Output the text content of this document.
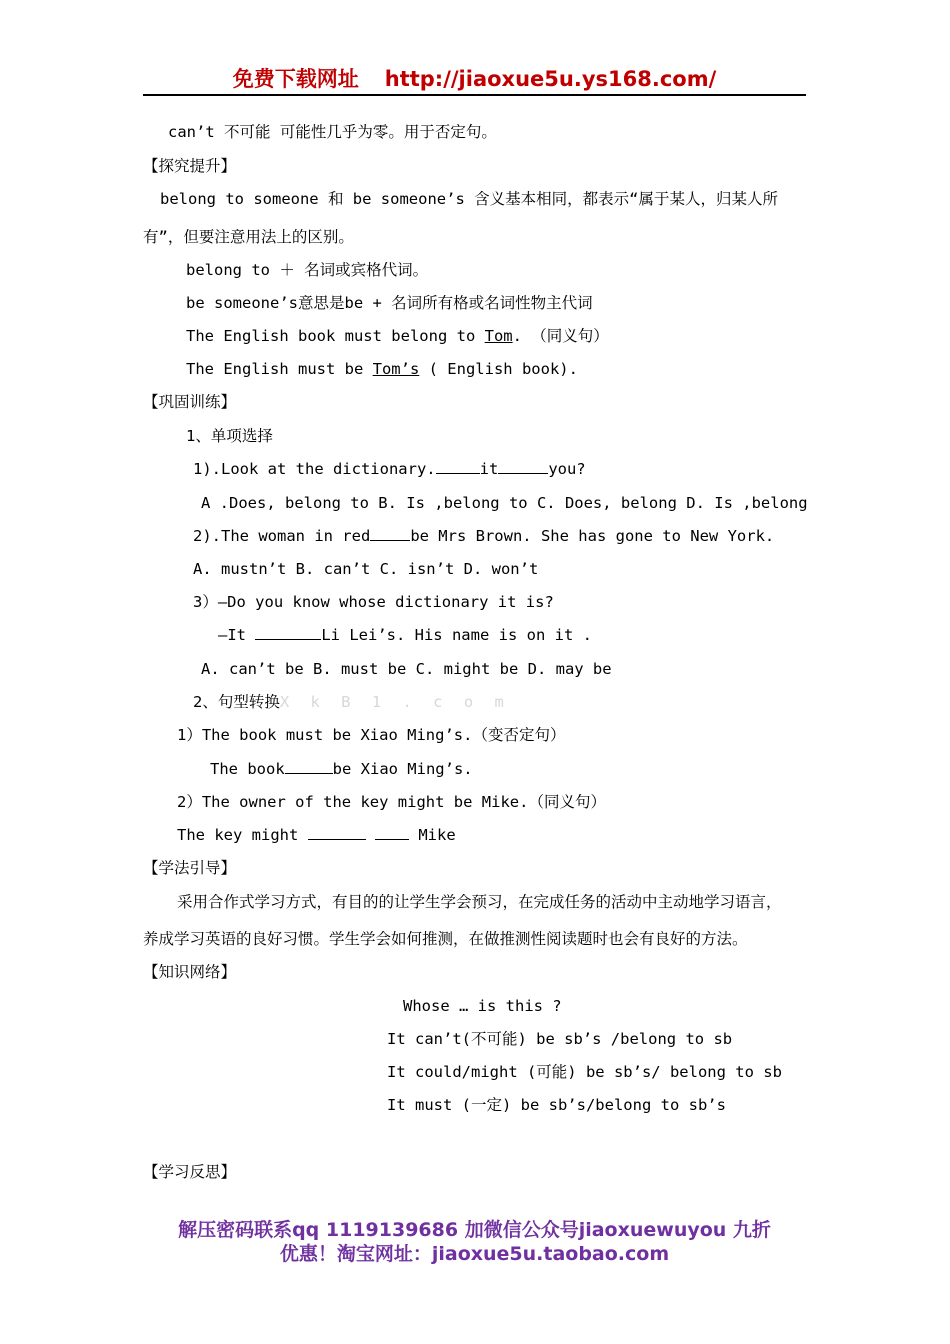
免费下载网址 http://jiaoxue5u.ys168.com/
can’t 不可能 可能性几乎为零。用于否定句。
【探究提升】
belong to someone 和 be someone’s 含义基本相同，都表示“属于某人，归某人所
有”，但要注意用法上的区别。
belong to ＋ 名词或宾格代词。
be someone’s意思是be + 名词所有格或名词性物主代词
The English book must belong to Tom. （同义句）
The English must be Tom’s ( English book).
【巩固训练】
1、单项选择
1).Look at the dictionary.	it	you?
A .Does, belong to B. Is ,belong to C. Does, belong D. Is ,belong
2).The woman in red	be Mrs Brown. She has gone to New York.
A. mustn’t B. can’t C. isn’t D. won’t
3）—Do you know whose dictionary it is?
—It	Li Lei’s. His name is on it .
A. can’t be B. must be C. might be D. may be
2、句型转换X k B 1 . c o m
1）The book must be Xiao Ming’s.（变否定句）
The book	be Xiao Ming’s.
2）The owner of the key might be Mike.（同义句）
The key might	Mike
【学法引导】
采用合作式学习方式，有目的的让学生学会预习，在完成任务的活动中主动地学习语言，
养成学习英语的良好习惯。学生学会如何推测，在做推测性阅读题时也会有良好的方法。
【知识网络】
Whose … is this ?
It can’t(不可能) be sb’s /belong to sb
It could/might (可能) be sb’s/ belong to sb
It must (一定) be sb’s/belong to sb’s
【学习反思】
解压密码联系qq 1119139686 加微信公众号jiaoxuewuyou 九折
优惠！淘宝网址：jiaoxue5u.taobao.com
